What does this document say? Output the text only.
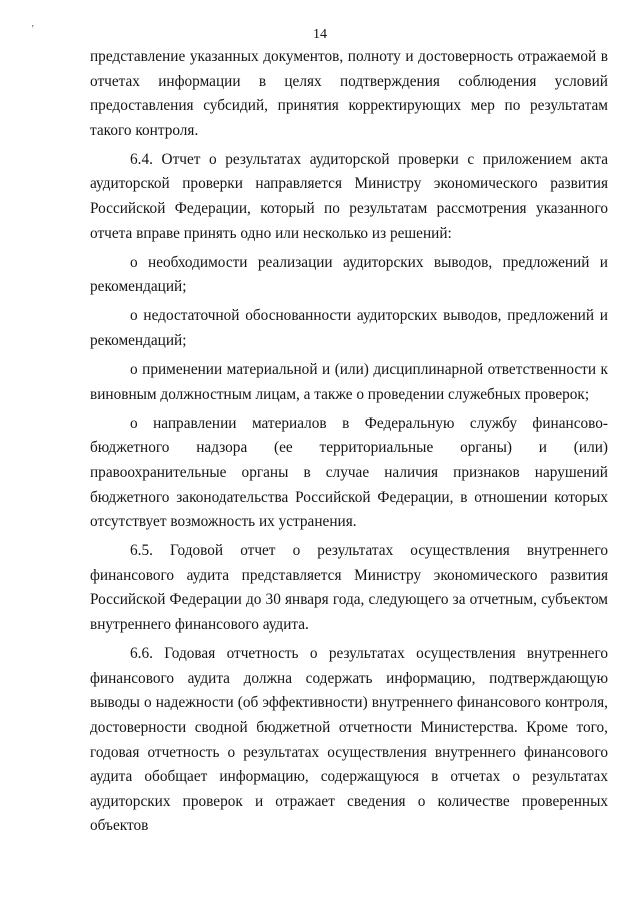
’	14

представление указанных документов, полноту и достоверность отражаемой в отчетах информации в целях подтверждения соблюдения условий предоставления субсидий, принятия корректирующих мер по результатам такого контроля.

6.4. Отчет о результатах аудиторской проверки с приложением акта аудиторской проверки направляется Министру экономического развития Российской Федерации, который по результатам рассмотрения указанного отчета вправе принять одно или несколько из решений:

о необходимости реализации аудиторских выводов, предложений и рекомендаций;

о недостаточной обоснованности аудиторских выводов, предложений и рекомендаций;

о применении материальной и (или) дисциплинарной ответственности к виновным должностным лицам, а также о проведении служебных проверок;

о направлении материалов в Федеральную службу финансово-бюджетного надзора (ее территориальные органы) и (или) правоохранительные органы в случае наличия признаков нарушений бюджетного законодательства Российской Федерации, в отношении которых отсутствует возможность их устранения.

6.5. Годовой отчет о результатах осуществления внутреннего финансового аудита представляется Министру экономического развития Российской Федерации до 30 января года, следующего за отчетным, субъектом внутреннего финансового аудита.

6.6. Годовая отчетность о результатах осуществления внутреннего финансового аудита должна содержать информацию, подтверждающую выводы о надежности (об эффективности) внутреннего финансового контроля, достоверности сводной бюджетной отчетности Министерства. Кроме того, годовая отчетность о результатах осуществления внутреннего финансового аудита обобщает информацию, содержащуюся в отчетах о результатах аудиторских проверок и отражает сведения о количестве проверенных объектов
